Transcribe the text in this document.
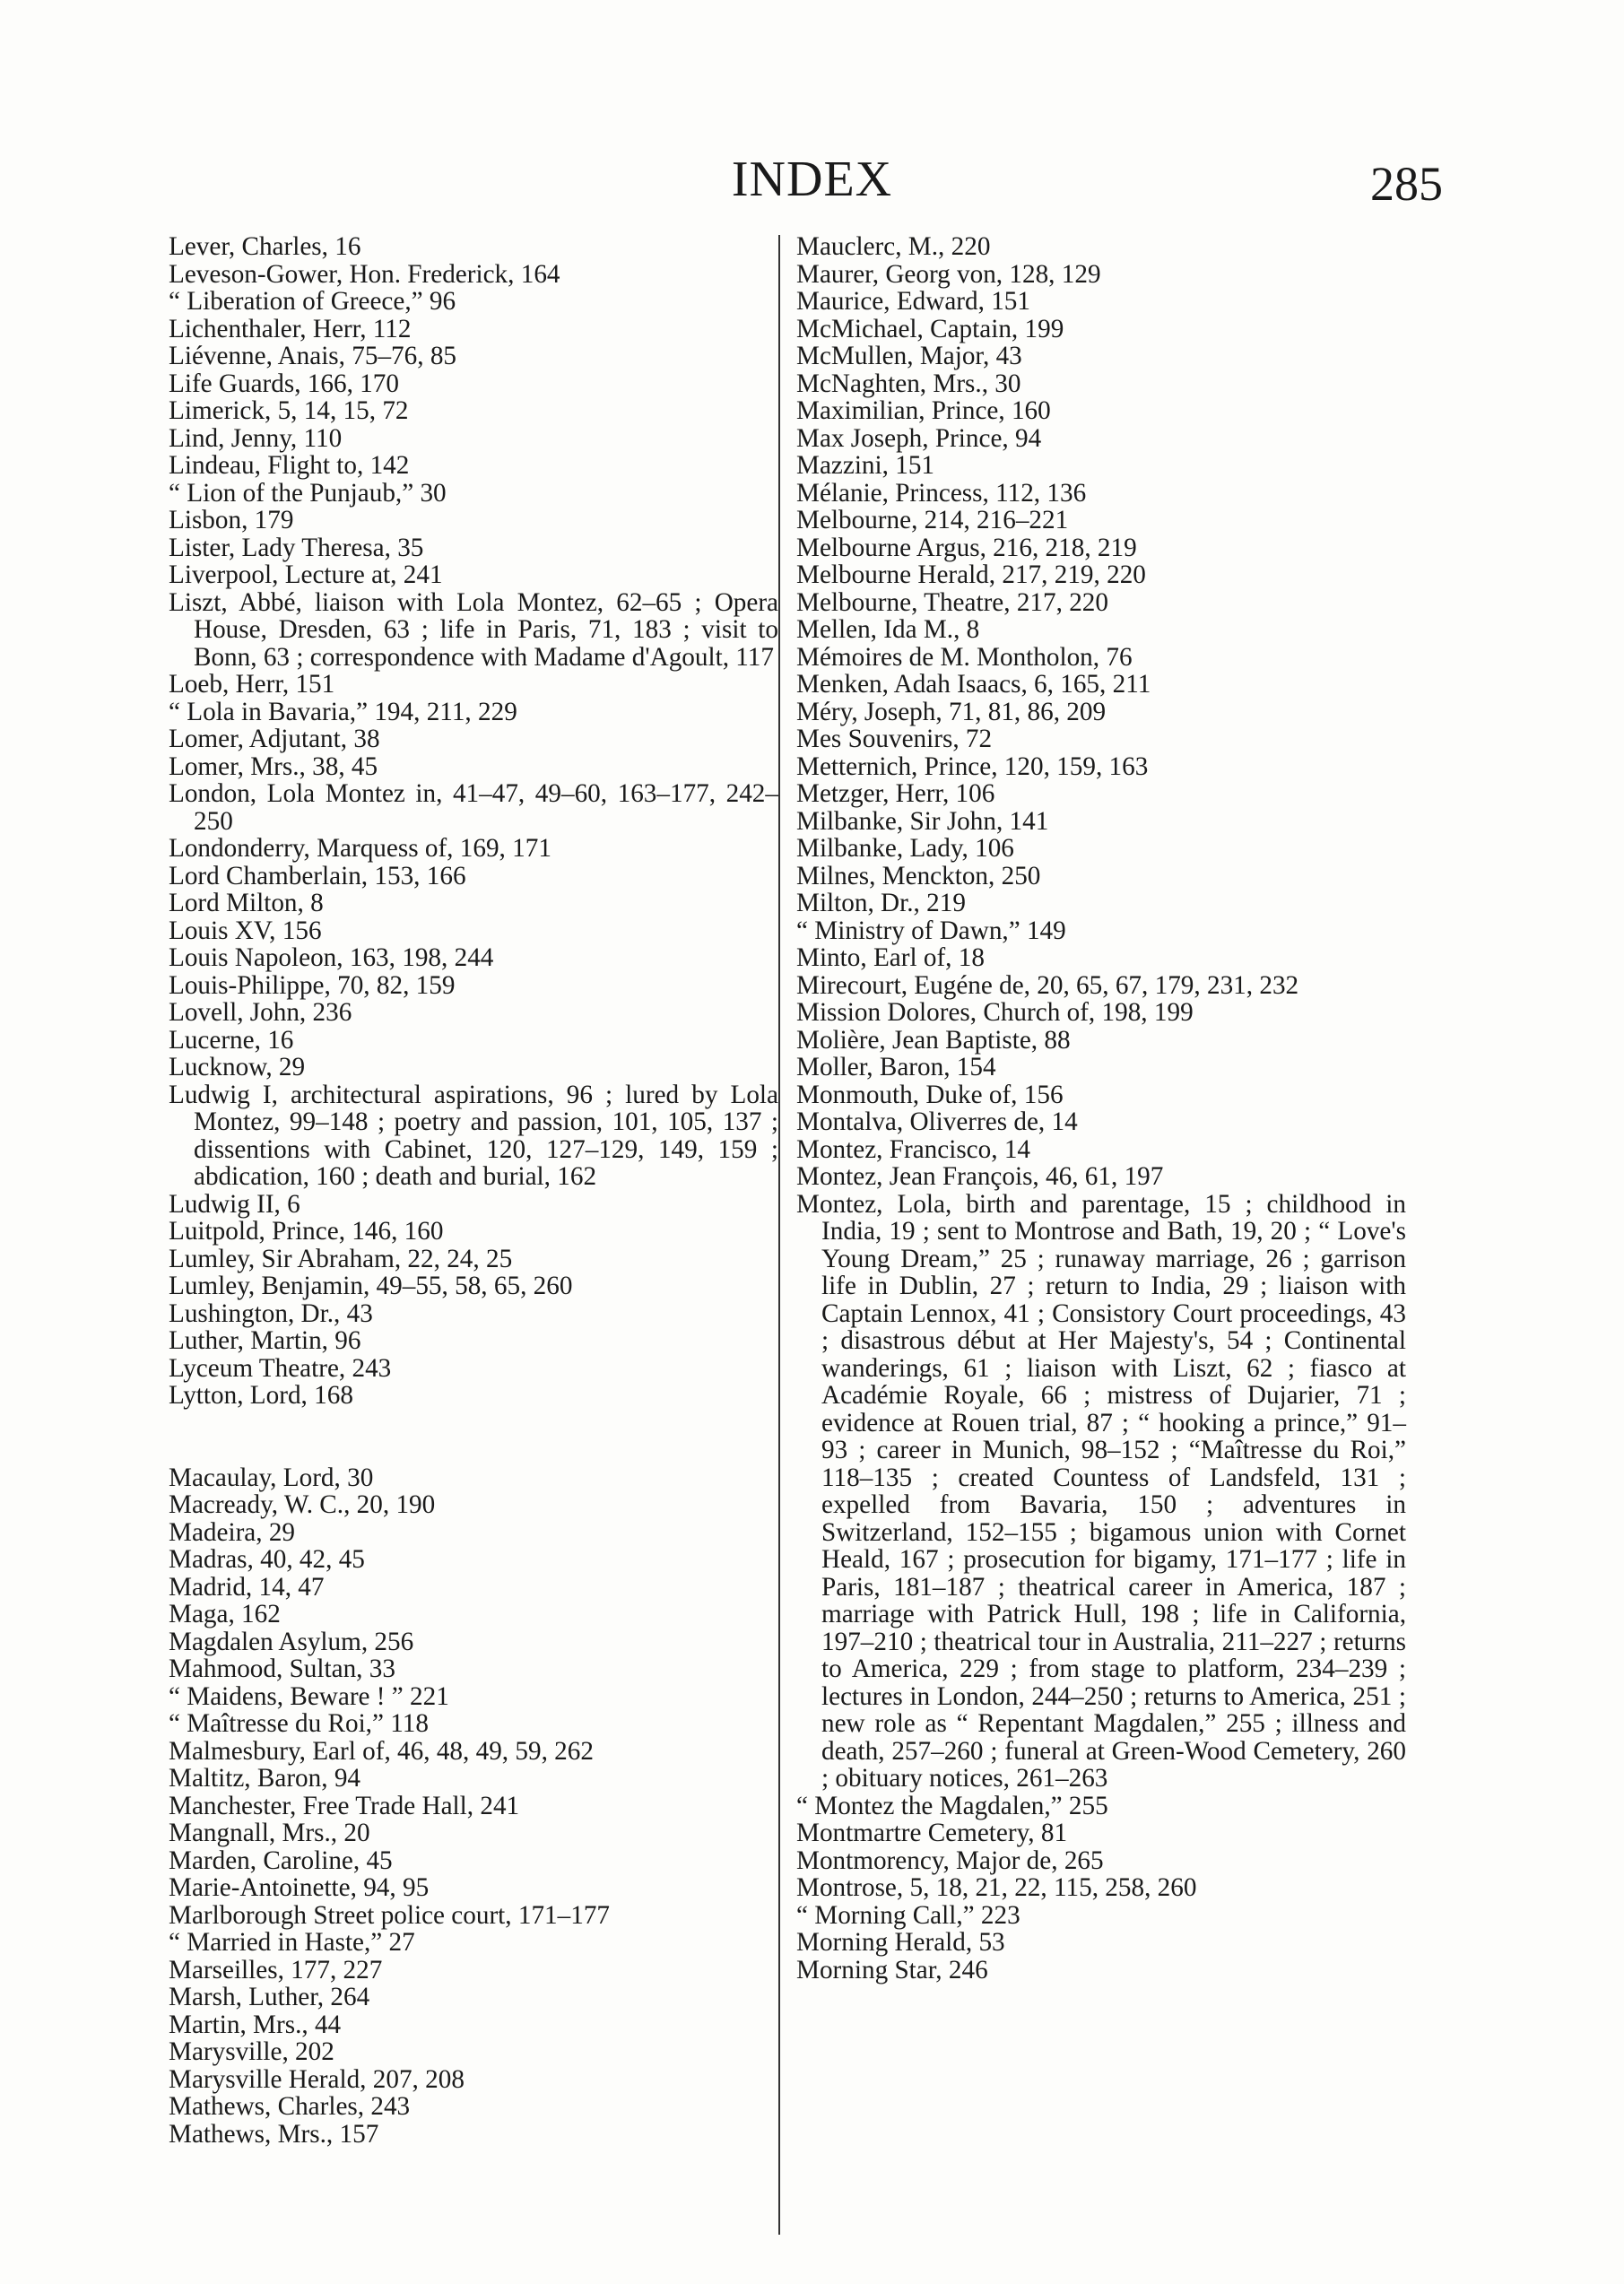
INDEX	285
Lever, Charles, 16
Leveson-Gower, Hon. Frederick, 164
“ Liberation of Greece,” 96
Lichenthaler, Herr, 112
Liévenne, Anais, 75–76, 85
Life Guards, 166, 170
Limerick, 5, 14, 15, 72
Lind, Jenny, 110
Lindeau, Flight to, 142
“ Lion of the Punjaub,” 30
Lisbon, 179
Lister, Lady Theresa, 35
Liverpool, Lecture at, 241
Liszt, Abbé, liaison with Lola Montez, 62–65 ; Opera House, Dresden, 63 ; life in Paris, 71, 183 ; visit to Bonn, 63 ; correspondence with Madame d'Agoult, 117
Loeb, Herr, 151
“ Lola in Bavaria,” 194, 211, 229
Lomer, Adjutant, 38
Lomer, Mrs., 38, 45
London, Lola Montez in, 41–47, 49–60, 163–177, 242–250
Londonderry, Marquess of, 169, 171
Lord Chamberlain, 153, 166
Lord Milton, 8
Louis XV, 156
Louis Napoleon, 163, 198, 244
Louis-Philippe, 70, 82, 159
Lovell, John, 236
Lucerne, 16
Lucknow, 29
Ludwig I, architectural aspirations, 96 ; lured by Lola Montez, 99–148 ; poetry and passion, 101, 105, 137 ; dissentions with Cabinet, 120, 127–129, 149, 159 ; abdication, 160 ; death and burial, 162
Ludwig II, 6
Luitpold, Prince, 146, 160
Lumley, Sir Abraham, 22, 24, 25
Lumley, Benjamin, 49–55, 58, 65, 260
Lushington, Dr., 43
Luther, Martin, 96
Lyceum Theatre, 243
Lytton, Lord, 168
Macaulay, Lord, 30
Macready, W. C., 20, 190
Madeira, 29
Madras, 40, 42, 45
Madrid, 14, 47
Maga, 162
Magdalen Asylum, 256
Mahmood, Sultan, 33
“ Maidens, Beware ! ” 221
“ Maîtresse du Roi,” 118
Malmesbury, Earl of, 46, 48, 49, 59, 262
Maltitz, Baron, 94
Manchester, Free Trade Hall, 241
Mangnall, Mrs., 20
Marden, Caroline, 45
Marie-Antoinette, 94, 95
Marlborough Street police court, 171–177
“ Married in Haste,” 27
Marseilles, 177, 227
Marsh, Luther, 264
Martin, Mrs., 44
Marysville, 202
Marysville Herald, 207, 208
Mathews, Charles, 243
Mathews, Mrs., 157
Mauclerc, M., 220
Maurer, Georg von, 128, 129
Maurice, Edward, 151
McMichael, Captain, 199
McMullen, Major, 43
McNaghten, Mrs., 30
Maximilian, Prince, 160
Max Joseph, Prince, 94
Mazzini, 151
Mélanie, Princess, 112, 136
Melbourne, 214, 216–221
Melbourne Argus, 216, 218, 219
Melbourne Herald, 217, 219, 220
Melbourne, Theatre, 217, 220
Mellen, Ida M., 8
Mémoires de M. Montholon, 76
Menken, Adah Isaacs, 6, 165, 211
Méry, Joseph, 71, 81, 86, 209
Mes Souvenirs, 72
Metternich, Prince, 120, 159, 163
Metzger, Herr, 106
Milbanke, Sir John, 141
Milbanke, Lady, 106
Milnes, Menckton, 250
Milton, Dr., 219
“ Ministry of Dawn,” 149
Minto, Earl of, 18
Mirecourt, Eugéne de, 20, 65, 67, 179, 231, 232
Mission Dolores, Church of, 198, 199
Molière, Jean Baptiste, 88
Moller, Baron, 154
Monmouth, Duke of, 156
Montalva, Oliverres de, 14
Montez, Francisco, 14
Montez, Jean François, 46, 61, 197
Montez, Lola, birth and parentage, 15 ; childhood in India, 19 ; sent to Montrose and Bath, 19, 20 ; “ Love's Young Dream,” 25 ; runaway marriage, 26 ; garrison life in Dublin, 27 ; return to India, 29 ; liaison with Captain Lennox, 41 ; Consistory Court proceedings, 43 ; disastrous début at Her Majesty's, 54 ; Continental wanderings, 61 ; liaison with Liszt, 62 ; fiasco at Académie Royale, 66 ; mistress of Dujarier, 71 ; evidence at Rouen trial, 87 ; “ hooking a prince,” 91–93 ; career in Munich, 98–152 ; “Maîtresse du Roi,” 118–135 ; created Countess of Landsfeld, 131 ; expelled from Bavaria, 150 ; adventures in Switzerland, 152–155 ; bigamous union with Cornet Heald, 167 ; prosecution for bigamy, 171–177 ; life in Paris, 181–187 ; theatrical career in America, 187 ; marriage with Patrick Hull, 198 ; life in California, 197–210 ; theatrical tour in Australia, 211–227 ; returns to America, 229 ; from stage to platform, 234–239 ; lectures in London, 244–250 ; returns to America, 251 ; new role as “ Repentant Magdalen,” 255 ; illness and death, 257–260 ; funeral at Green-Wood Cemetery, 260 ; obituary notices, 261–263
“ Montez the Magdalen,” 255
Montmartre Cemetery, 81
Montmorency, Major de, 265
Montrose, 5, 18, 21, 22, 115, 258, 260
“ Morning Call,” 223
Morning Herald, 53
Morning Star, 246
